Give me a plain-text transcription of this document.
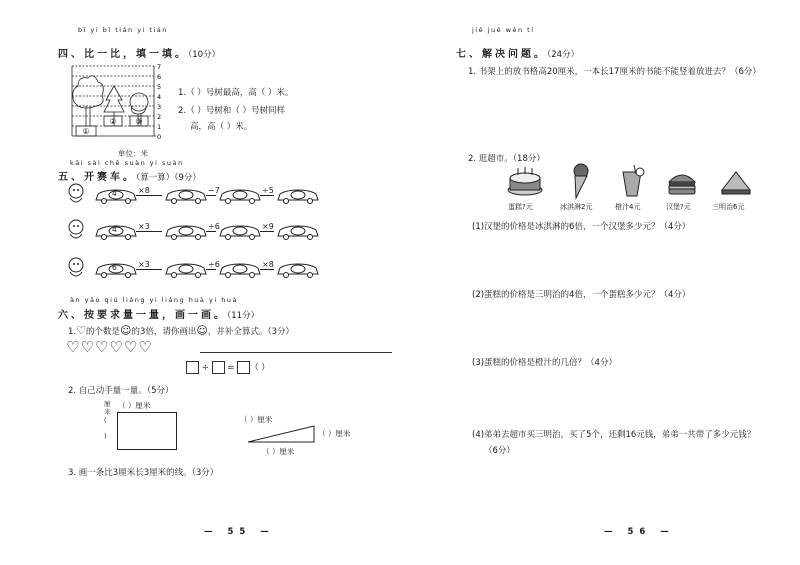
bǐ yi bǐ tián yi tián
四、比一比，填一填。（10分）
①
② ③
7
6
5
4
3
2
1
0
单位：米
1.（ ）号树最高，高（ ）米。
2.（ ）号树和（ ）号树同样
高，高（ ）米。
kāi sài chē suàn yi suàn
五、开赛车。（算一算）（9分）
4	×8	−7	÷5
4	×3	÷6	×9
6	×3	÷6	×8
àn yāo qiú liáng yi liáng huà yi huà
六、按要求量一量，画一画。（11分）
1.♡的个数是☺的3倍，请你画出☺，并补全算式。（3分）
♡♡♡♡♡♡
÷  = （ ）
2. 自己动手量一量。（5分）
（ ）厘米
厘
米
(

)
（ ）厘米
（ ）厘米
（ ）厘米
3. 画一条比3厘米长3厘米的线。（3分）
— 55 —
jiě jué wèn tí
七、解决问题。（24分）
1. 书架上的放书格高20厘米，一本长17厘米的书能不能竖着放进去？（6分）
2. 逛超市。（18分）
蛋糕?元	冰淇淋2元	橙汁4元	汉堡?元	三明治6元
(1)汉堡的价格是冰淇淋的6倍，一个汉堡多少元？（4分）
(2)蛋糕的价格是三明治的4倍，一个蛋糕多少元？（4分）
(3)蛋糕的价格是橙汁的几倍？（4分）
(4)弟弟去超市买三明治，买了5个，还剩16元钱，弟弟一共带了多少元钱？
（6分）
— 56 —
